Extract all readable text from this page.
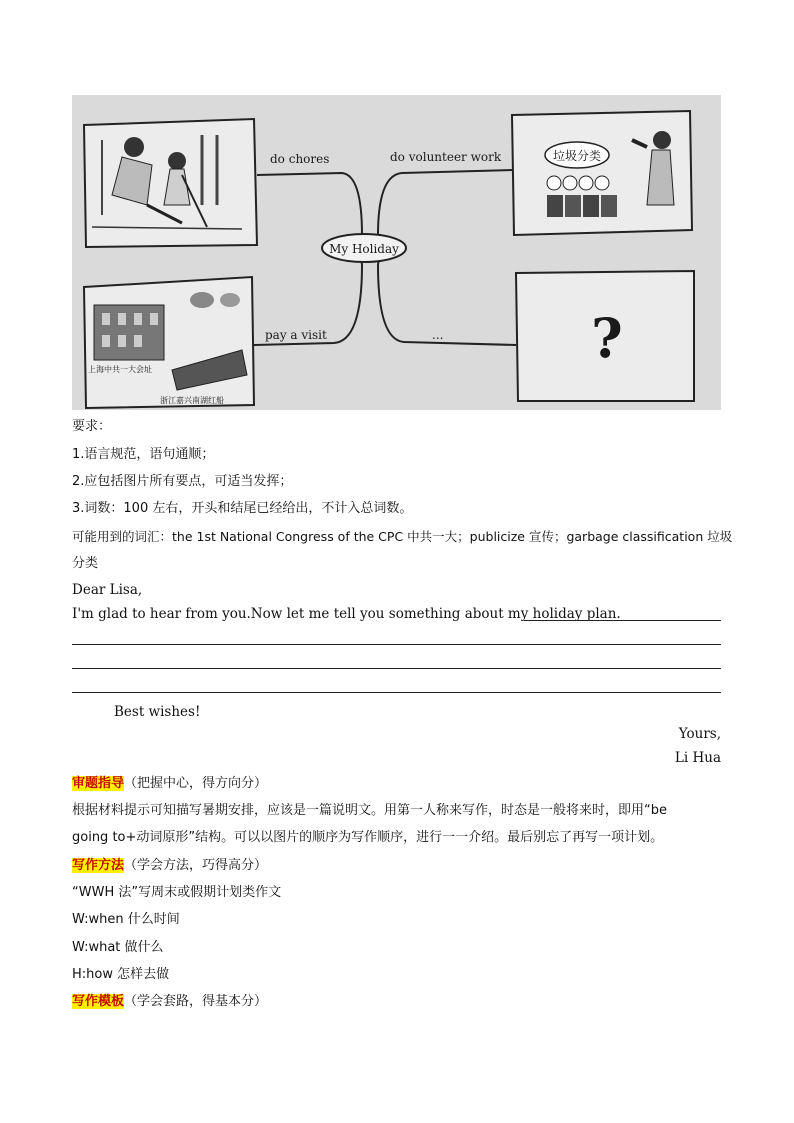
垃圾分类
上海中共一大会址
浙江嘉兴南湖红船
?
My Holiday
do chores	do volunteer work
pay a visit	...
要求：
1.语言规范，语句通顺；
2.应包括图片所有要点，可适当发挥；
3.词数：100 左右，开头和结尾已经给出，不计入总词数。
可能用到的词汇：the 1st National Congress of the CPC 中共一大；publicize 宣传；garbage classification 垃圾
分类
Dear Lisa,
I'm glad to hear from you.Now let me tell you something about my holiday plan.
Best wishes!
Yours,
Li Hua
审题指导（把握中心，得方向分）
根据材料提示可知描写暑期安排，应该是一篇说明文。用第一人称来写作，时态是一般将来时，即用“be
going to+动词原形”结构。可以以图片的顺序为写作顺序，进行一一介绍。最后别忘了再写一项计划。
写作方法（学会方法，巧得高分）
“WWH 法”写周末或假期计划类作文
W:when 什么时间
W:what 做什么
H:how 怎样去做
写作模板（学会套路，得基本分）
